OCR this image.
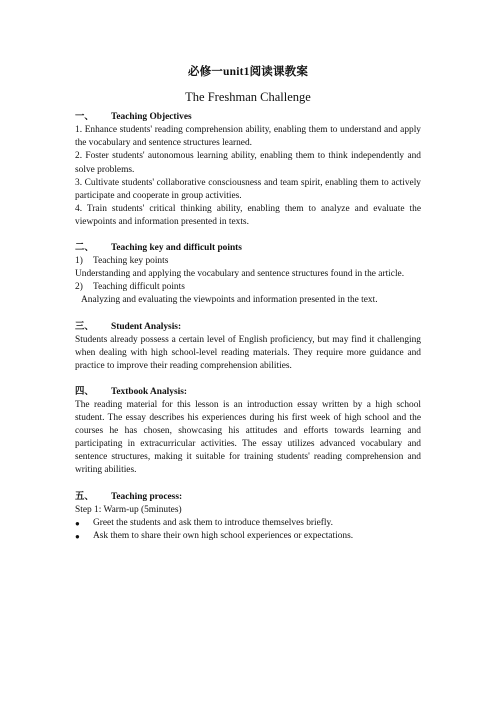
必修一unit1阅读课教案
The Freshman Challenge
一、	Teaching Objectives

1. Enhance students' reading comprehension ability, enabling them to understand and apply the vocabulary and sentence structures learned.

2. Foster students' autonomous learning ability, enabling them to think independently and solve problems.

3. Cultivate students' collaborative consciousness and team spirit, enabling them to actively participate and cooperate in group activities.

4. Train students' critical thinking ability, enabling them to analyze and evaluate the viewpoints and information presented in texts.

二、	Teaching key and difficult points
1)	Teaching key points

Understanding and applying the vocabulary and sentence structures found in the article.

2)	Teaching difficult points

Analyzing and evaluating the viewpoints and information presented in the text.

三、	Student Analysis:

Students already possess a certain level of English proficiency, but may find it challenging when dealing with high school-level reading materials. They require more guidance and practice to improve their reading comprehension abilities.

四、	Textbook Analysis:

The reading material for this lesson is an introduction essay written by a high school student. The essay describes his experiences during his first week of high school and the courses he has chosen, showcasing his attitudes and efforts towards learning and participating in extracurricular activities. The essay utilizes advanced vocabulary and sentence structures, making it suitable for training students' reading comprehension and writing abilities.

五、	Teaching process:

Step 1: Warm-up (5minutes)

●	Greet the students and ask them to introduce themselves briefly.
●	Ask them to share their own high school experiences or expectations.
